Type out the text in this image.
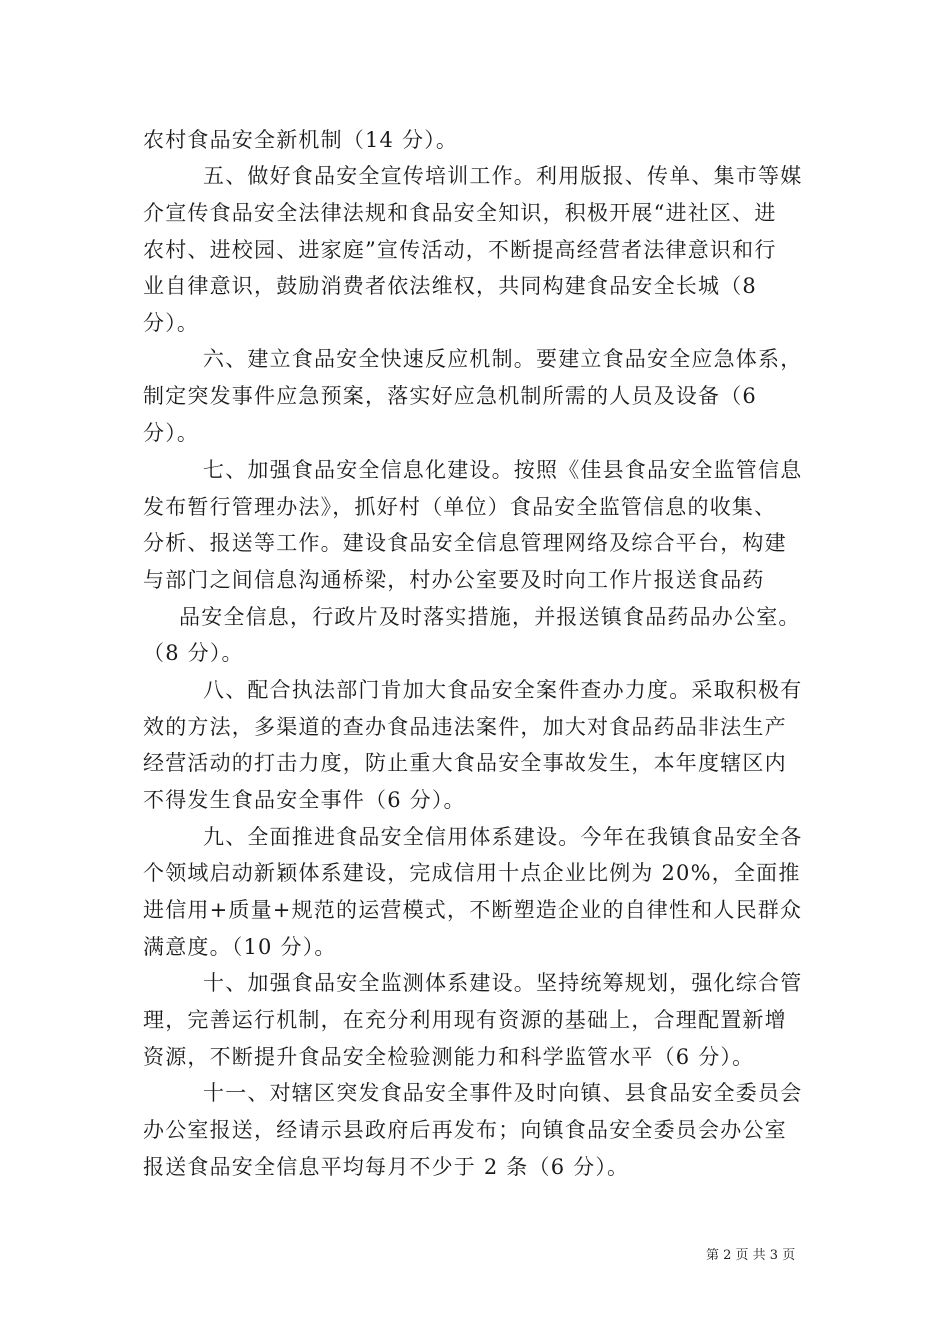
农村食品安全新机制（14 分）。
五、做好食品安全宣传培训工作。利用版报、传单、集市等媒
介宣传食品安全法律法规和食品安全知识，积极开展“进社区、进
农村、进校园、进家庭”宣传活动，不断提高经营者法律意识和行
业自律意识，鼓励消费者依法维权，共同构建食品安全长城（8
分）。
六、建立食品安全快速反应机制。要建立食品安全应急体系，
制定突发事件应急预案，落实好应急机制所需的人员及设备（6
分）。
七、加强食品安全信息化建设。按照《佳县食品安全监管信息
发布暂行管理办法》，抓好村（单位）食品安全监管信息的收集、
分析、报送等工作。建设食品安全信息管理网络及综合平台，构建
与部门之间信息沟通桥梁，村办公室要及时向工作片报送食品药
品安全信息，行政片及时落实措施，并报送镇食品药品办公室。
（8 分）。
八、配合执法部门肯加大食品安全案件查办力度。采取积极有
效的方法，多渠道的查办食品违法案件，加大对食品药品非法生产
经营活动的打击力度，防止重大食品安全事故发生，本年度辖区内
不得发生食品安全事件（6 分）。
九、全面推进食品安全信用体系建设。今年在我镇食品安全各
个领域启动新颖体系建设，完成信用十点企业比例为 20%，全面推
进信用+质量+规范的运营模式，不断塑造企业的自律性和人民群众
满意度。（10 分）。
十、加强食品安全监测体系建设。坚持统筹规划，强化综合管
理，完善运行机制，在充分利用现有资源的基础上，合理配置新增
资源，不断提升食品安全检验测能力和科学监管水平（6 分）。
十一、对辖区突发食品安全事件及时向镇、县食品安全委员会
办公室报送，经请示县政府后再发布；向镇食品安全委员会办公室
报送食品安全信息平均每月不少于 2 条（6 分）。
第 2 页 共 3 页
